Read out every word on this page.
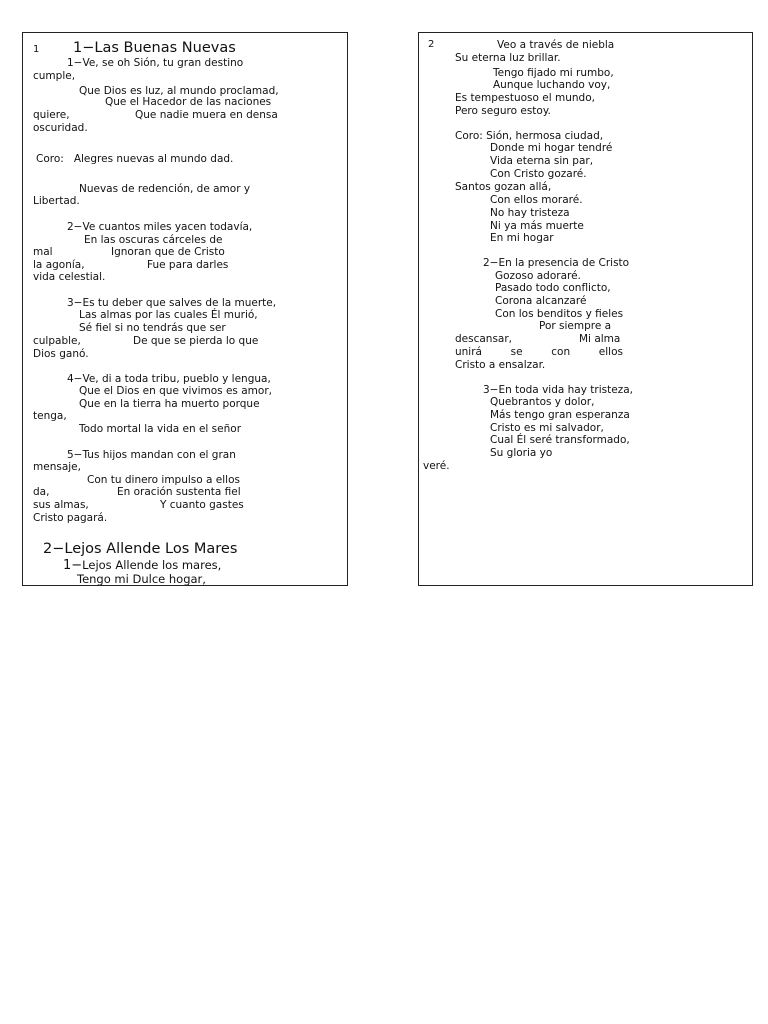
1 1−Las Buenas Nuevas
1−Ve, se oh Sión, tu gran destino
cumple,
Que Dios es luz, al mundo proclamad,
Que el Hacedor de las naciones
quiere,	Que nadie muera en densa
oscuridad.
Coro:   Alegres nuevas al mundo dad.
Nuevas de redención, de amor y
Libertad.
2−Ve cuantos miles yacen todavía,
En las oscuras cárceles de
mal	Ignoran que de Cristo
la agonía,	Fue para darles
vida celestial.
3−Es tu deber que salves de la muerte,
Las almas por las cuales Él murió,
Sé fiel si no tendrás que ser
culpable,	De que se pierda lo que
Dios ganó.
4−Ve, di a toda tribu, pueblo y lengua,
Que el Dios en que vivimos es amor,
Que en la tierra ha muerto porque
tenga,
Todo mortal la vida en el señor
5−Tus hijos mandan con el gran
mensaje,
Con tu dinero impulso a ellos
da,	En oración sustenta fiel
sus almas,	Y cuanto gastes
Cristo pagará.
2−Lejos Allende Los Mares
1−Lejos Allende los mares,
Tengo mi Dulce hogar,
2	Veo a través de niebla
Su eterna luz brillar.
Tengo fijado mi rumbo,
Aunque luchando voy,
Es tempestuoso el mundo,
Pero seguro estoy.
Coro: Sión, hermosa ciudad,
Donde mi hogar tendré
Vida eterna sin par,
Con Cristo gozaré.
Santos gozan allá,
Con ellos moraré.
No hay tristeza
Ni ya más muerte
En mi hogar
2−En la presencia de Cristo
Gozoso adoraré.
Pasado todo conflicto,
Corona alcanzaré
Con los benditos y fieles
Por siempre a
descansar,	Mi alma
unirá	se	con	ellos
Cristo a ensalzar.
3−En toda vida hay tristeza,
Quebrantos y dolor,
Más tengo gran esperanza
Cristo es mi salvador,
Cual Él seré transformado,
Su gloria yo
veré.
